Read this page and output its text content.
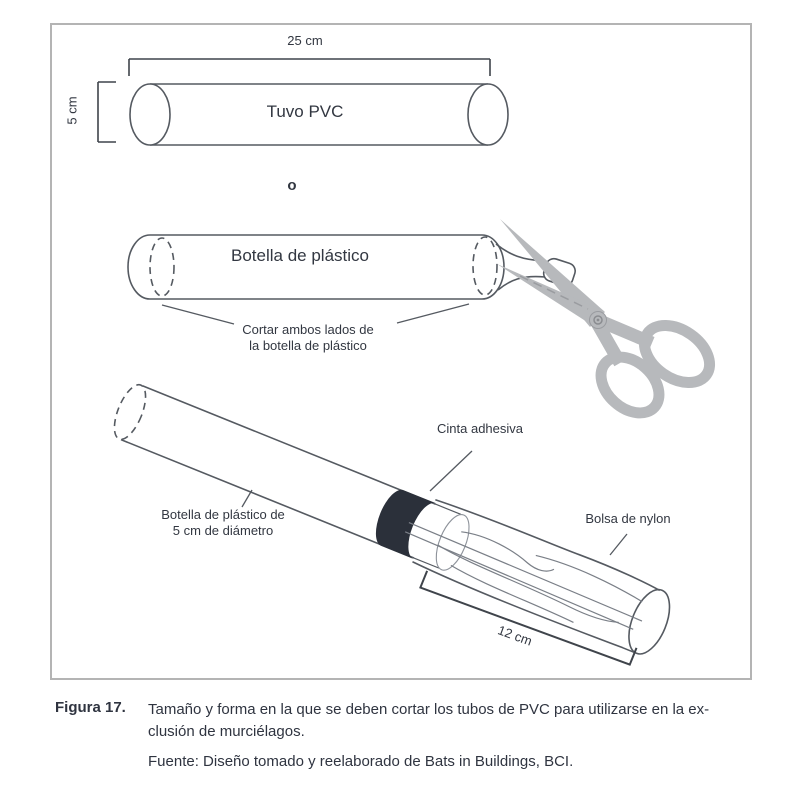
25 cm
5 cm	Tuvo PVC
o
Botella de plástico
Cortar ambos lados de
la botella de plástico
Cinta adhesiva
Botella de plástico de
5 cm de diámetro
Bolsa de nylon
12 cm
Figura 17.	Tamaño y forma en la que se deben cortar los tubos de PVC para utilizarse en la ex-
clusión de murciélagos.
Fuente: Diseño tomado y reelaborado de Bats in Buildings, BCI.
